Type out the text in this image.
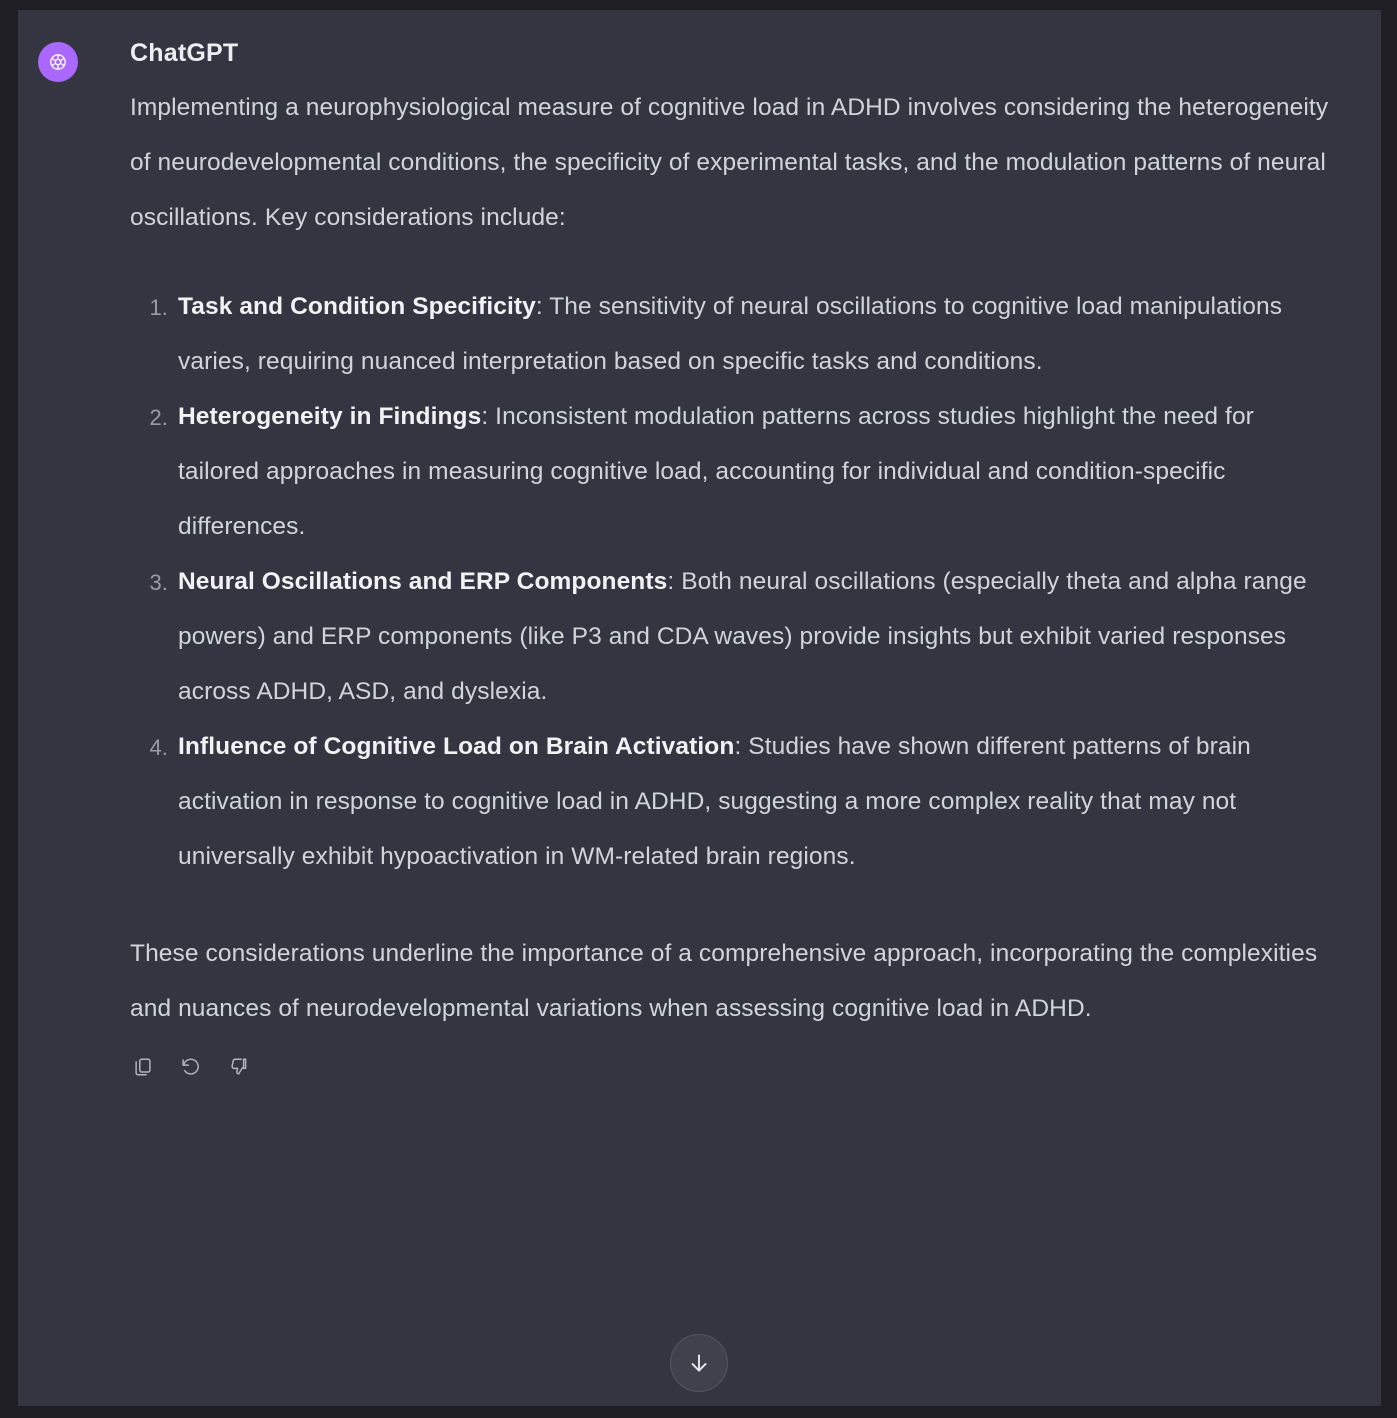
ChatGPT
Implementing a neurophysiological measure of cognitive load in ADHD involves considering the heterogeneity of neurodevelopmental conditions, the specificity of experimental tasks, and the modulation patterns of neural oscillations. Key considerations include:
Task and Condition Specificity: The sensitivity of neural oscillations to cognitive load manipulations varies, requiring nuanced interpretation based on specific tasks and conditions.
Heterogeneity in Findings: Inconsistent modulation patterns across studies highlight the need for tailored approaches in measuring cognitive load, accounting for individual and condition-specific differences.
Neural Oscillations and ERP Components: Both neural oscillations (especially theta and alpha range powers) and ERP components (like P3 and CDA waves) provide insights but exhibit varied responses across ADHD, ASD, and dyslexia.
Influence of Cognitive Load on Brain Activation: Studies have shown different patterns of brain activation in response to cognitive load in ADHD, suggesting a more complex reality that may not universally exhibit hypoactivation in WM-related brain regions.
These considerations underline the importance of a comprehensive approach, incorporating the complexities and nuances of neurodevelopmental variations when assessing cognitive load in ADHD.
